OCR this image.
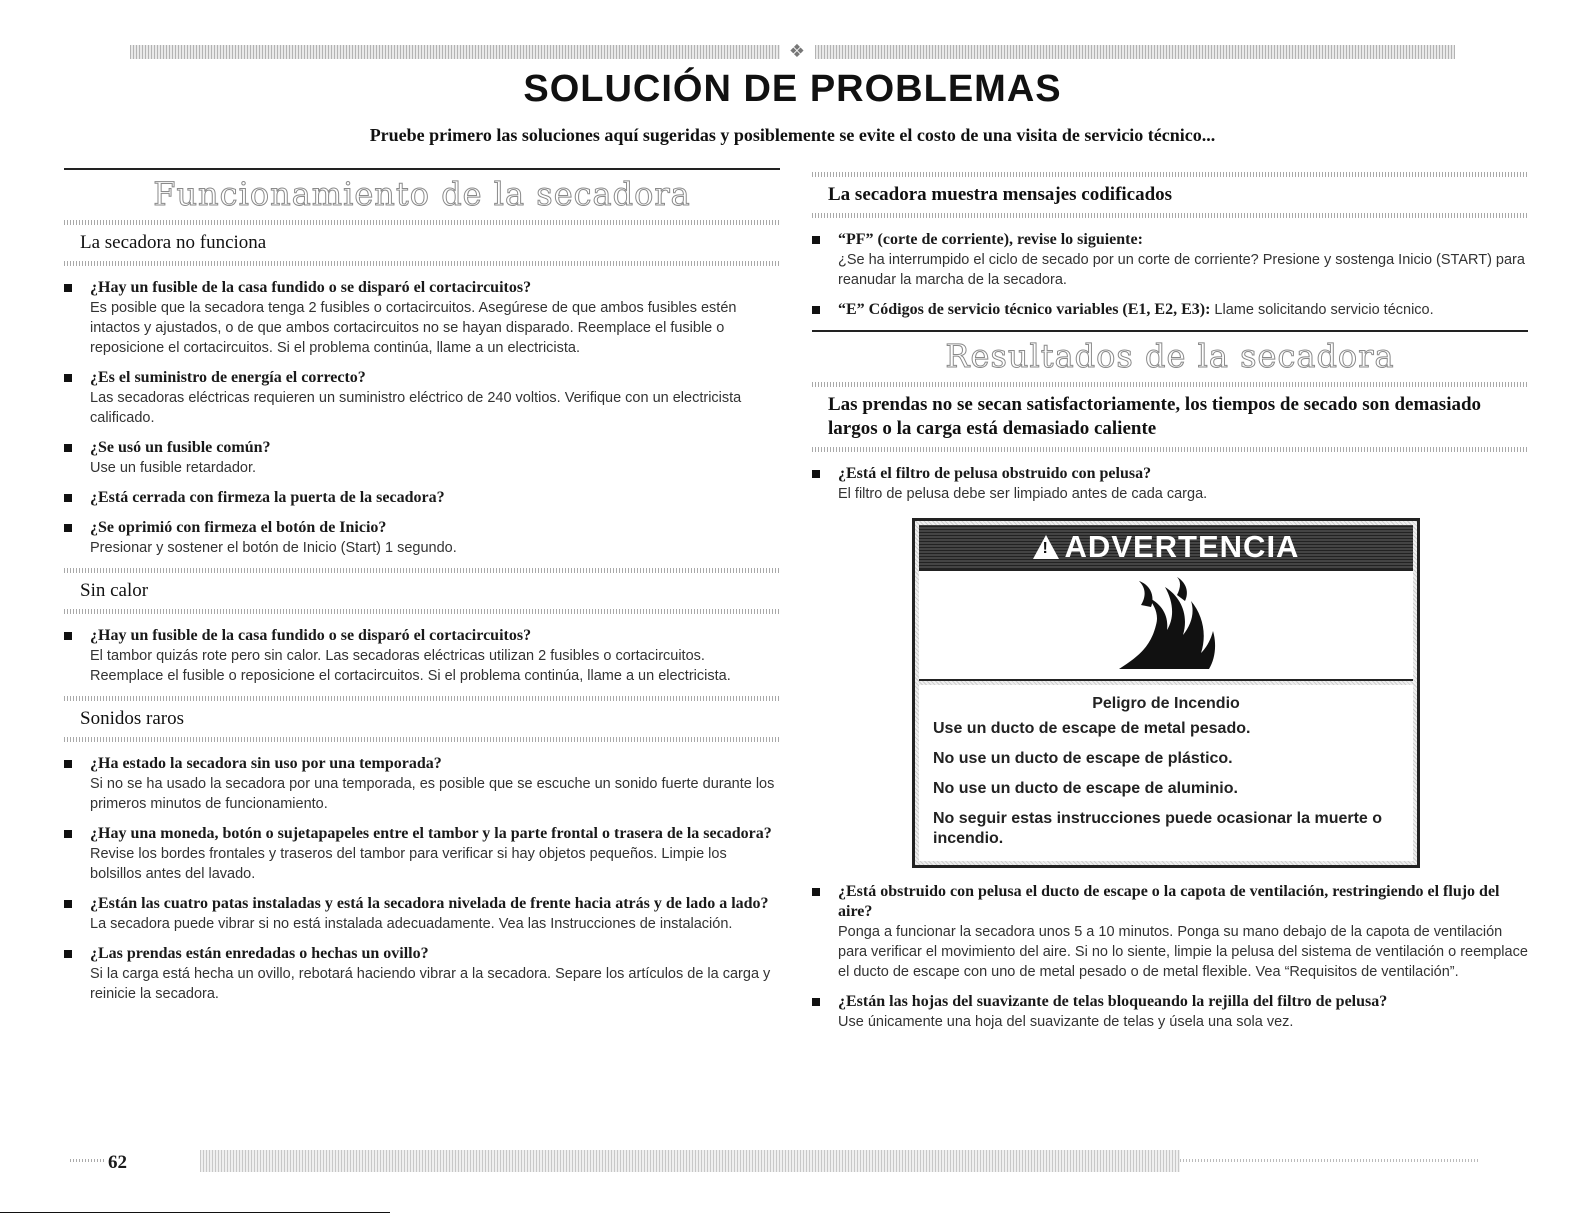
❖
SOLUCIÓN DE PROBLEMAS

Pruebe primero las soluciones aquí sugeridas y posiblemente se evite el costo de una visita de servicio técnico...

Funcionamiento de la secadora
La secadora no funciona
¿Hay un fusible de la casa fundido o se disparó el cortacircuitos?
Es posible que la secadora tenga 2 fusibles o cortacircuitos. Asegúrese de que ambos fusibles estén intactos y ajustados, o de que ambos cortacircuitos no se hayan disparado. Reemplace el fusible o reposicione el cortacircuitos. Si el problema continúa, llame a un electricista.
¿Es el suministro de energía el correcto?
Las secadoras eléctricas requieren un suministro eléctrico de 240 voltios. Verifique con un electricista calificado.
¿Se usó un fusible común?
Use un fusible retardador.
¿Está cerrada con firmeza la puerta de la secadora?
¿Se oprimió con firmeza el botón de Inicio?
Presionar y sostener el botón de Inicio (Start) 1 segundo.
Sin calor
¿Hay un fusible de la casa fundido o se disparó el cortacircuitos?
El tambor quizás rote pero sin calor. Las secadoras eléctricas utilizan 2 fusibles o cortacircuitos. Reemplace el fusible o reposicione el cortacircuitos. Si el problema continúa, llame a un electricista.
Sonidos raros
¿Ha estado la secadora sin uso por una temporada?
Si no se ha usado la secadora por una temporada, es posible que se escuche un sonido fuerte durante los primeros minutos de funcionamiento.
¿Hay una moneda, botón o sujetapapeles entre el tambor y la parte frontal o trasera de la secadora?
Revise los bordes frontales y traseros del tambor para verificar si hay objetos pequeños. Limpie los bolsillos antes del lavado.
¿Están las cuatro patas instaladas y está la secadora nivelada de frente hacia atrás y de lado a lado?
La secadora puede vibrar si no está instalada adecuadamente. Vea las Instrucciones de instalación.
¿Las prendas están enredadas o hechas un ovillo?
Si la carga está hecha un ovillo, rebotará haciendo vibrar a la secadora. Separe los artículos de la carga y reinicie la secadora.
La secadora muestra mensajes codificados
“PF” (corte de corriente), revise lo siguiente:
¿Se ha interrumpido el ciclo de secado por un corte de corriente? Presione y sostenga Inicio (START) para reanudar la marcha de la secadora.
“E” Códigos de servicio técnico variables (E1, E2, E3): Llame solicitando servicio técnico.
Resultados de la secadora
Las prendas no se secan satisfactoriamente, los tiempos de secado son demasiado largos o la carga está demasiado caliente
¿Está el filtro de pelusa obstruido con pelusa?
El filtro de pelusa debe ser limpiado antes de cada carga.
! ADVERTENCIA
Peligro de Incendio

Use un ducto de escape de metal pesado.

No use un ducto de escape de plástico.

No use un ducto de escape de aluminio.

No seguir estas instrucciones puede ocasionar la muerte o incendio.

¿Está obstruido con pelusa el ducto de escape o la capota de ventilación, restringiendo el flujo del aire?
Ponga a funcionar la secadora unos 5 a 10 minutos. Ponga su mano debajo de la capota de ventilación para verificar el movimiento del aire. Si no lo siente, limpie la pelusa del sistema de ventilación o reemplace el ducto de escape con uno de metal pesado o de metal flexible. Vea “Requisitos de ventilación”.
¿Están las hojas del suavizante de telas bloqueando la rejilla del filtro de pelusa?
Use únicamente una hoja del suavizante de telas y úsela una sola vez.
62
